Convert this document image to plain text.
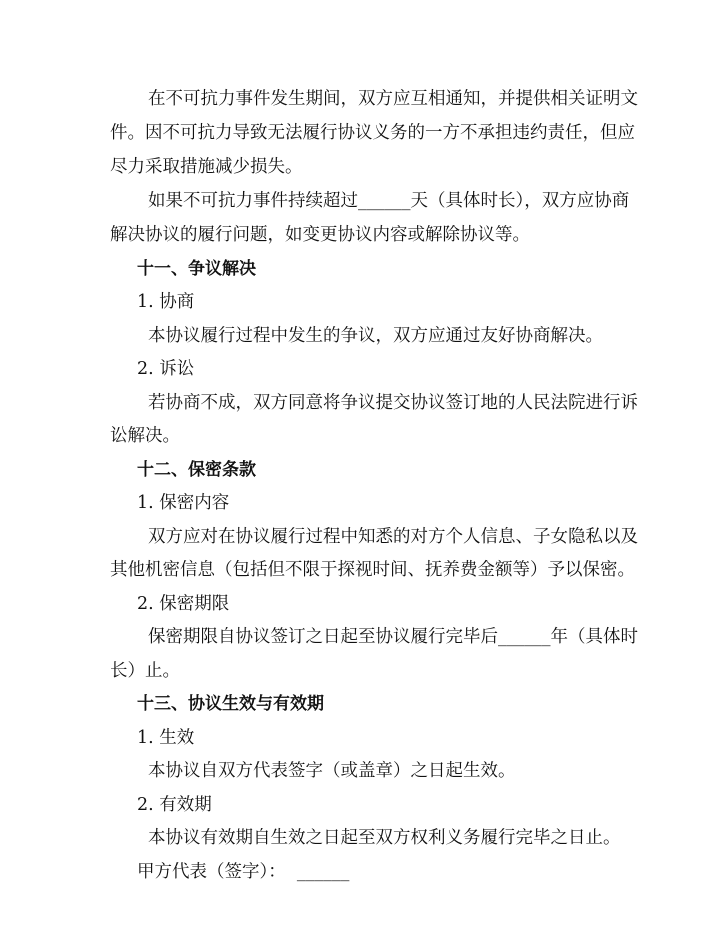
在不可抗力事件发生期间，双方应互相通知，并提供相关证明文

件。因不可抗力导致无法履行协议义务的一方不承担违约责任，但应

尽力采取措施减少损失。

如果不可抗力事件持续超过______天（具体时长），双方应协商

解决协议的履行问题，如变更协议内容或解除协议等。

十一、争议解决

1. 协商

本协议履行过程中发生的争议，双方应通过友好协商解决。

2. 诉讼

若协商不成，双方同意将争议提交协议签订地的人民法院进行诉

讼解决。

十二、保密条款

1. 保密内容

双方应对在协议履行过程中知悉的对方个人信息、子女隐私以及

其他机密信息（包括但不限于探视时间、抚养费金额等）予以保密。

2. 保密期限

保密期限自协议签订之日起至协议履行完毕后______年（具体时

长）止。

十三、协议生效与有效期

1. 生效

本协议自双方代表签字（或盖章）之日起生效。

2. 有效期

本协议有效期自生效之日起至双方权利义务履行完毕之日止。

甲方代表（签字）：  ______
